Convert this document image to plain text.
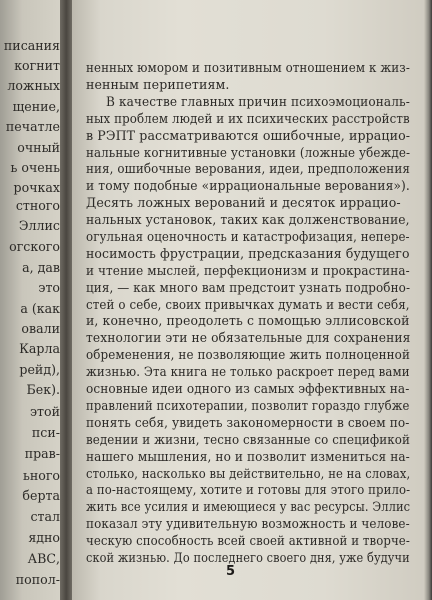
писания
когнит
ложных
щение,
печатле
очный
ь очень
рочках
стного
Эллис
огского
а, дав
это
а (как
овали
Карла
рейд),
Бек).
этой
пси-
прав-
ьного
берта
стал
ядно
АВС,
попол-
ненных юмором и позитивным отношением к жиз-
ненным перипетиям.
В качестве главных причин психоэмоциональ-
ных проблем людей и их психических расстройств
в РЭПТ рассматриваются ошибочные, иррацио-
нальные когнитивные установки (ложные убежде-
ния, ошибочные верования, идеи, предположения
и тому подобные «иррациональные верования»).
Десять ложных верований и десяток иррацио-
нальных установок, таких как долженствование,
огульная оценочность и катастрофизация, непере-
носимость фрустрации, предсказания будущего
и чтение мыслей, перфекционизм и прокрастина-
ция, — как много вам предстоит узнать подробно-
стей о себе, своих привычках думать и вести себя,
и, конечно, преодолеть с помощью эллисовской
технологии эти не обязательные для сохранения
обременения, не позволяющие жить полноценной
жизнью. Эта книга не только раскроет перед вами
основные идеи одного из самых эффективных на-
правлений психотерапии, позволит гораздо глубже
понять себя, увидеть закономерности в своем по-
ведении и жизни, тесно связанные со спецификой
нашего мышления, но и позволит измениться на-
столько, насколько вы действительно, не на словах,
а по-настоящему, хотите и готовы для этого прило-
жить все усилия и имеющиеся у вас ресурсы. Эллис
показал эту удивительную возможность и челове-
ческую способность всей своей активной и творче-
ской жизнью. До последнего своего дня, уже будучи
5
